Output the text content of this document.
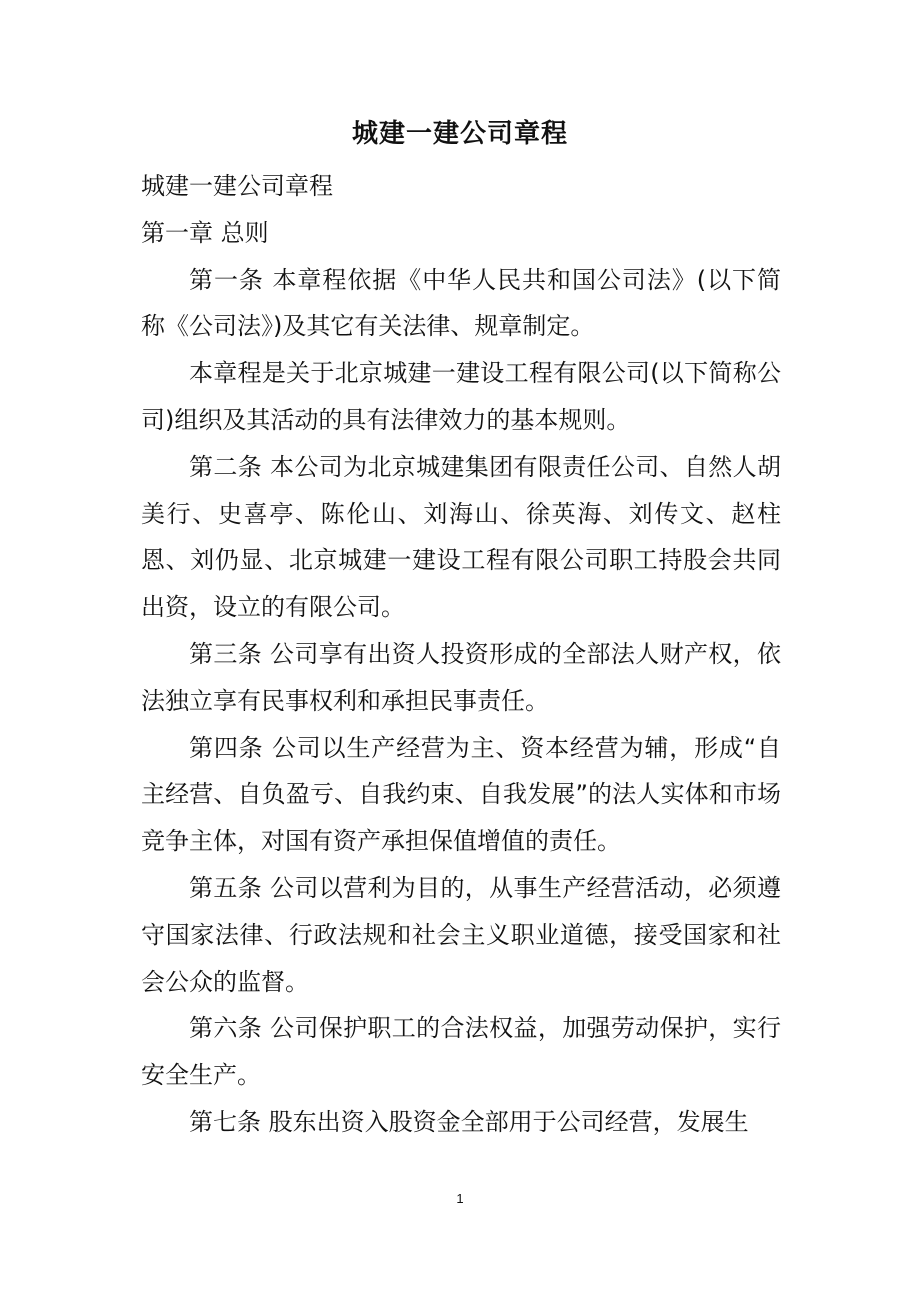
城建一建公司章程

城建一建公司章程

第一章 总则

第一条 本章程依据《中华人民共和国公司法》(以下简称《公司法》)及其它有关法律、规章制定。

本章程是关于北京城建一建设工程有限公司(以下简称公司)组织及其活动的具有法律效力的基本规则。

第二条 本公司为北京城建集团有限责任公司、自然人胡美行、史喜亭、陈伦山、刘海山、徐英海、刘传文、赵柱恩、刘仍显、北京城建一建设工程有限公司职工持股会共同出资，设立的有限公司。

第三条 公司享有出资人投资形成的全部法人财产权，依法独立享有民事权利和承担民事责任。

第四条 公司以生产经营为主、资本经营为辅，形成“自主经营、自负盈亏、自我约束、自我发展”的法人实体和市场竞争主体，对国有资产承担保值增值的责任。

第五条 公司以营利为目的，从事生产经营活动，必须遵守国家法律、行政法规和社会主义职业道德，接受国家和社会公众的监督。

第六条 公司保护职工的合法权益，加强劳动保护，实行安全生产。

第七条 股东出资入股资金全部用于公司经营，发展生

1
